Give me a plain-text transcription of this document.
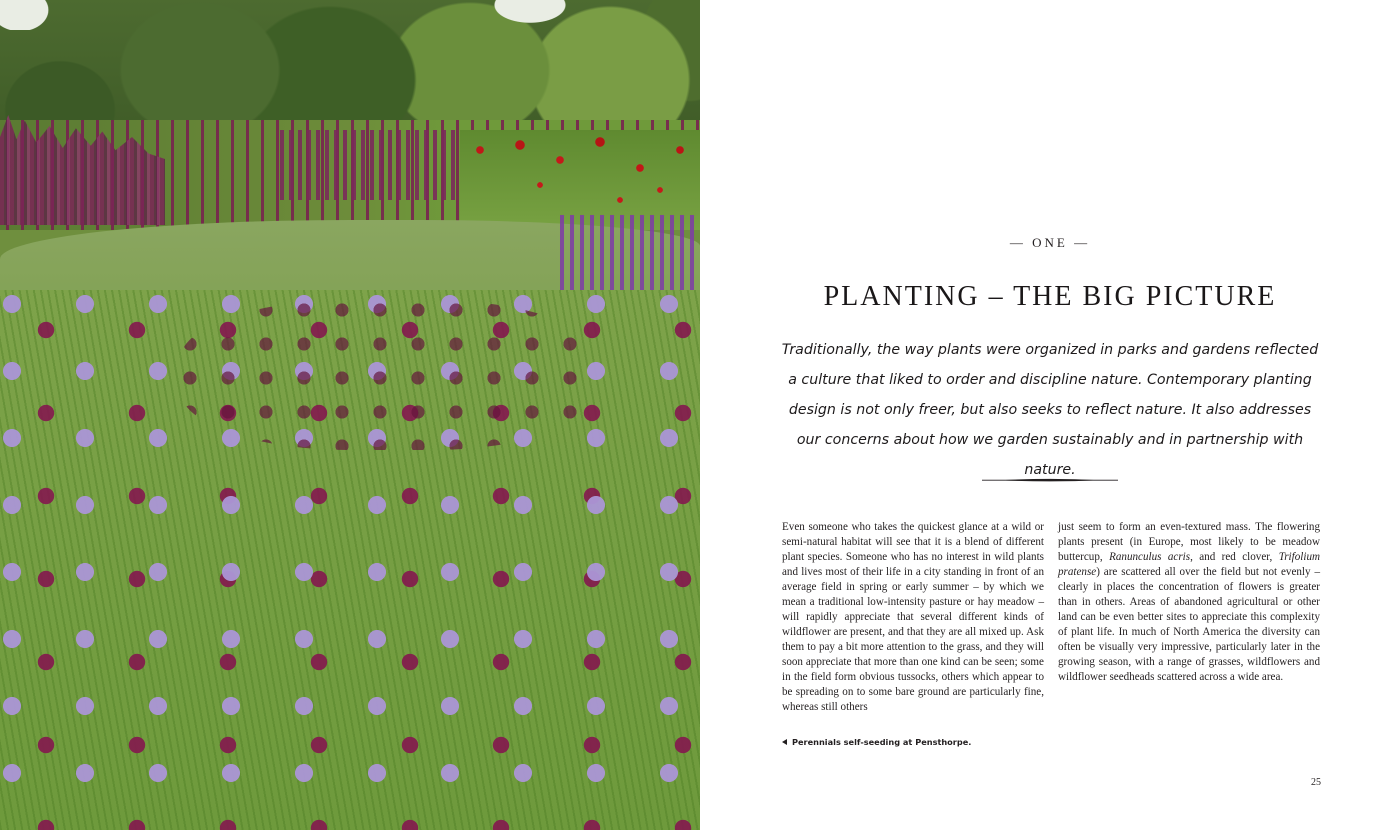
— ONE —
PLANTING – THE BIG PICTURE

Traditionally, the way plants were organized in parks and gardens reflected a culture that liked to order and discipline nature. Contemporary planting design is not only freer, but also seeks to reflect nature. It also addresses our concerns about how we garden sustainably and in partnership with nature.

Even someone who takes the quickest glance at a wild or semi-natural habitat will see that it is a blend of different plant species. Someone who has no interest in wild plants and lives most of their life in a city standing in front of an average field in spring or early summer – by which we mean a traditional low-intensity pasture or hay meadow – will rapidly appreciate that several different kinds of wildflower are present, and that they are all mixed up. Ask them to pay a bit more attention to the grass, and they will soon appreciate that more than one kind can be seen; some in the field form obvious tussocks, others which appear to be spreading on to some bare ground are particularly fine, whereas still others

just seem to form an even-textured mass. The flowering plants present (in Europe, most likely to be meadow buttercup, Ranunculus acris, and red clover, Trifolium pratense) are scattered all over the field but not evenly – clearly in places the concentration of flowers is greater than in others. Areas of abandoned agricultural or other land can be even better sites to appreciate this complexity of plant life. In much of North America the diversity can often be visually very impressive, particularly later in the growing season, with a range of grasses, wildflowers and wildflower seedheads scattered across a wide area.

Perennials self-seeding at Pensthorpe.
25
